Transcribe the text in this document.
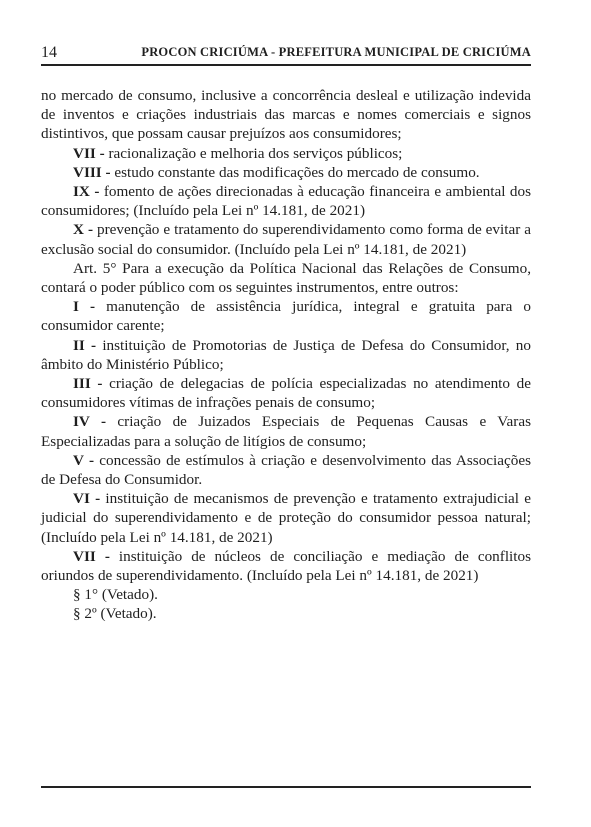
14	PROCON CRICIÚMA - PREFEITURA MUNICIPAL DE CRICIÚMA

no mercado de consumo, inclusive a concorrência desleal e utilização indevida de inventos e criações industriais das marcas e nomes comerciais e signos distintivos, que possam causar prejuízos aos consumidores;

VII - racionalização e melhoria dos serviços públicos;

VIII - estudo constante das modificações do mercado de consumo.

IX - fomento de ações direcionadas à educação financeira e ambiental dos consumidores; (Incluído pela Lei nº 14.181, de 2021)

X - prevenção e tratamento do superendividamento como forma de evitar a exclusão social do consumidor. (Incluído pela Lei nº 14.181, de 2021)

Art. 5° Para a execução da Política Nacional das Relações de Consumo, contará o poder público com os seguintes instrumentos, entre outros:

I - manutenção de assistência jurídica, integral e gratuita para o consumidor carente;

II - instituição de Promotorias de Justiça de Defesa do Consumidor, no âmbito do Ministério Público;

III - criação de delegacias de polícia especializadas no atendimento de consumidores vítimas de infrações penais de consumo;

IV - criação de Juizados Especiais de Pequenas Causas e Varas Especializadas para a solução de litígios de consumo;

V - concessão de estímulos à criação e desenvolvimento das Associações de Defesa do Consumidor.

VI - instituição de mecanismos de prevenção e tratamento extrajudicial e judicial do superendividamento e de proteção do consumidor pessoa natural; (Incluído pela Lei nº 14.181, de 2021)

VII - instituição de núcleos de conciliação e mediação de conflitos oriundos de superendividamento. (Incluído pela Lei nº 14.181, de 2021)

§ 1° (Vetado).

§ 2º (Vetado).
